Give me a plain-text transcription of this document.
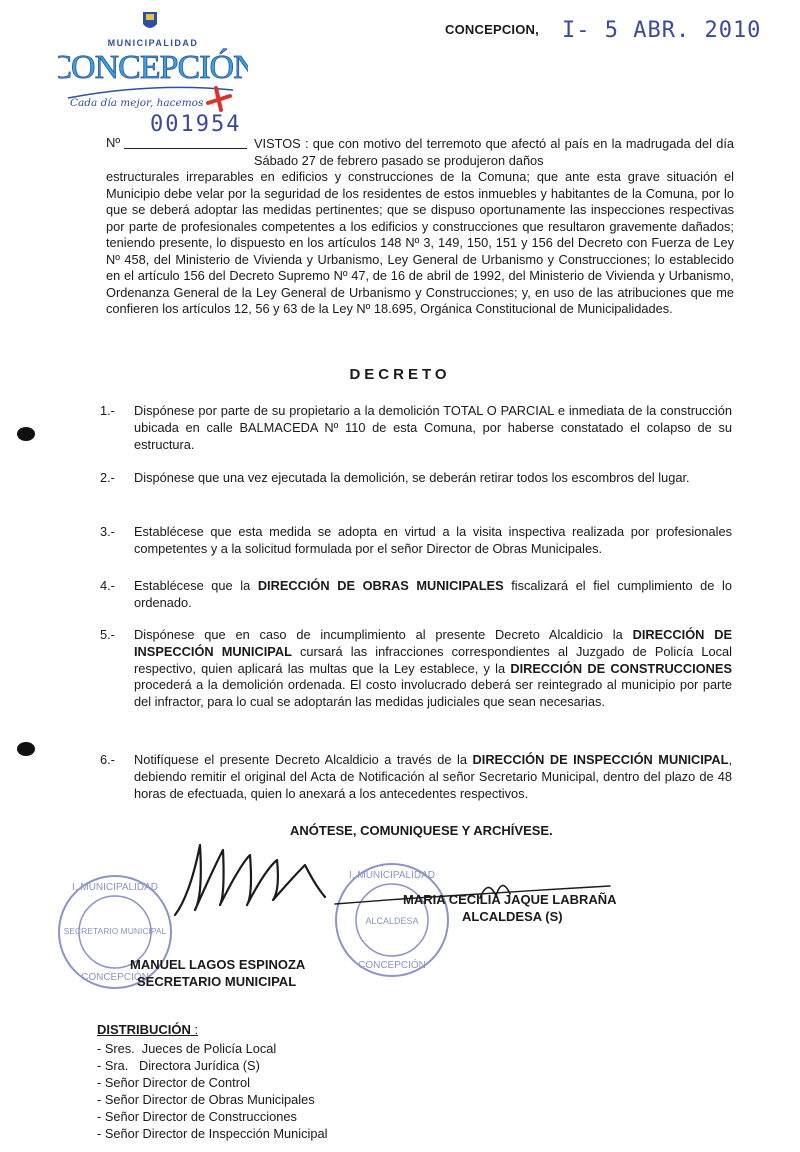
MUNICIPALIDAD
CONCEPCIÓN
Cada día mejor, hacemos
CONCEPCION, I- 5 ABR. 2010
Nº
001954
VISTOS : que con motivo del terremoto que afectó al país en la madrugada del día Sábado 27 de febrero pasado se produjeron daños
estructurales irreparables en edificios y construcciones de la Comuna; que ante esta grave situación el Municipio debe velar por la seguridad de los residentes de estos inmuebles y habitantes de la Comuna, por lo que se deberá adoptar las medidas pertinentes; que se dispuso oportunamente las inspecciones respectivas por parte de profesionales competentes a los edificios y construcciones que resultaron gravemente dañados; teniendo presente, lo dispuesto en los artículos 148 Nº 3, 149, 150, 151 y 156 del Decreto con Fuerza de Ley Nº 458, del Ministerio de Vivienda y Urbanismo, Ley General de Urbanismo y Construcciones; lo establecido en el artículo 156 del Decreto Supremo Nº 47, de 16 de abril de 1992, del Ministerio de Vivienda y Urbanismo, Ordenanza General de la Ley General de Urbanismo y Construcciones; y, en uso de las atribuciones que me confieren los artículos 12, 56 y 63 de la Ley Nº 18.695, Orgánica Constitucional de Municipalidades.
DECRETO
1.- Dispónese por parte de su propietario a la demolición TOTAL O PARCIAL e inmediata de la construcción ubicada en calle BALMACEDA Nº 110 de esta Comuna, por haberse constatado el colapso de su estructura.
2.- Dispónese que una vez ejecutada la demolición, se deberán retirar todos los escombros del lugar.
3.- Establécese que esta medida se adopta en virtud a la visita inspectiva realizada por profesionales competentes y a la solicitud formulada por el señor Director de Obras Municipales.
4.- Establécese que la DIRECCIÓN DE OBRAS MUNICIPALES fiscalizará el fiel cumplimiento de lo ordenado.
5.- Dispónese que en caso de incumplimiento al presente Decreto Alcaldicio la DIRECCIÓN DE INSPECCIÓN MUNICIPAL cursará las infracciones correspondientes al Juzgado de Policía Local respectivo, quien aplicará las multas que la Ley establece, y la DIRECCIÓN DE CONSTRUCCIONES procederá a la demolición ordenada. El costo involucrado deberá ser reintegrado al municipio por parte del infractor, para lo cual se adoptarán las medidas judiciales que sean necesarias.
6.- Notifíquese el presente Decreto Alcaldicio a través de la DIRECCIÓN DE INSPECCIÓN MUNICIPAL, debiendo remitir el original del Acta de Notificación al señor Secretario Municipal, dentro del plazo de 48 horas de efectuada, quien lo anexará a los antecedentes respectivos.
ANÓTESE, COMUNIQUESE Y ARCHÍVESE.
I. MUNICIPALIDAD
SECRETARIO MUNICIPAL
CONCEPCIÓN
I. MUNICIPALIDAD
ALCALDESA
CONCEPCIÓN
MARIA CECILIA JAQUE LABRAÑA
ALCALDESA (S)
MANUEL LAGOS ESPINOZA
SECRETARIO MUNICIPAL
DISTRIBUCIÓN :
- Sres.  Jueces de Policía Local
- Sra.   Directora Jurídica (S)
- Señor Director de Control
- Señor Director de Obras Municipales
- Señor Director de Construcciones
- Señor Director de Inspección Municipal
